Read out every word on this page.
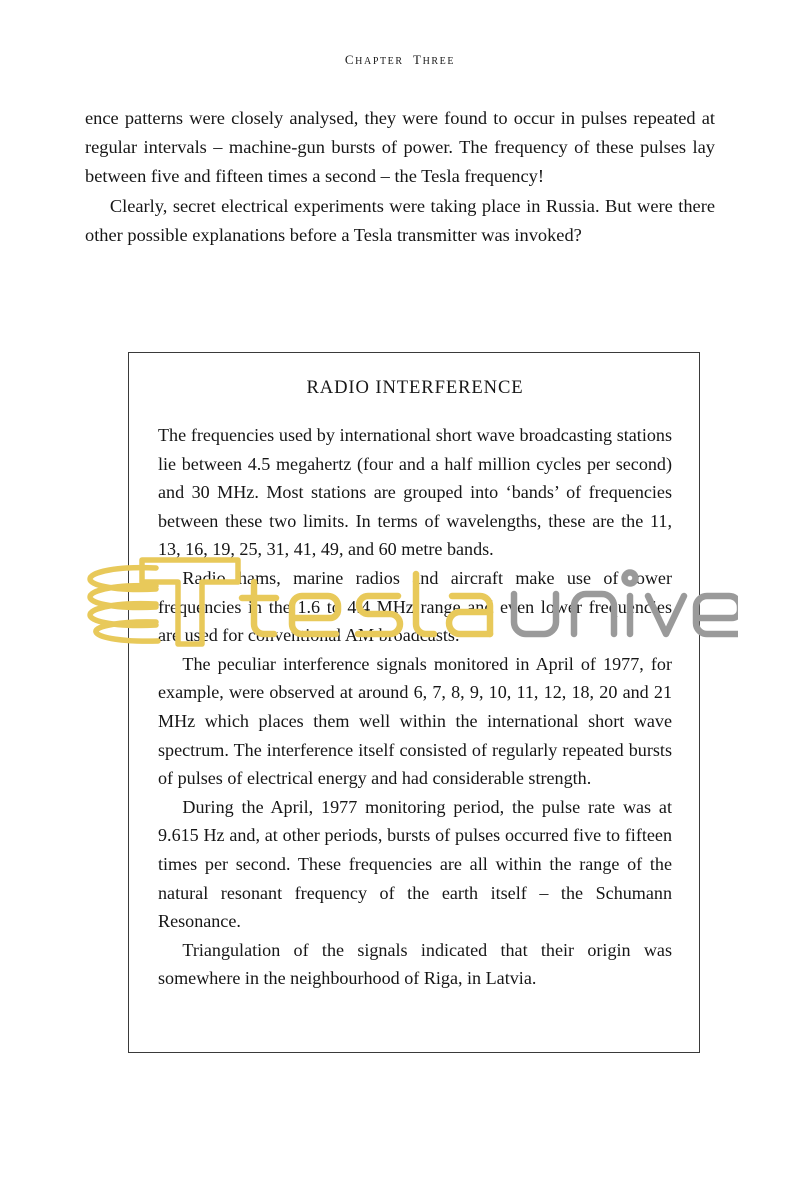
chapter  three

ence patterns were closely analysed, they were found to occur in pulses repeated at regular intervals – machine-gun bursts of power. The frequency of these pulses lay between five and fifteen times a second – the Tesla frequency!

Clearly, secret electrical experiments were taking place in Russia. But were there other possible explanations before a Tesla transmitter was invoked?

RADIO INTERFERENCE

The frequencies used by international short wave broadcasting stations lie between 4.5 megahertz (four and a half million cycles per second) and 30 MHz. Most stations are grouped into ‘bands’ of frequencies between these two limits. In terms of wavelengths, these are the 11, 13, 16, 19, 25, 31, 41, 49, and 60 metre bands.

Radio hams, marine radios and aircraft make use of lower frequencies in the 1.6 to 4.4 MHz range and even lower frequencies are used for conventional AM broadcasts.

The peculiar interference signals monitored in April of 1977, for example, were observed at around 6, 7, 8, 9, 10, 11, 12, 18, 20 and 21 MHz which places them well within the international short wave spectrum. The interference itself consisted of regularly repeated bursts of pulses of electrical energy and had considerable strength.

During the April, 1977 monitoring period, the pulse rate was at 9.615 Hz and, at other periods, bursts of pulses occurred five to fifteen times per second. These frequencies are all within the range of the natural resonant frequency of the earth itself – the Schumann Resonance.

Triangulation of the signals indicated that their origin was somewhere in the neighbourhood of Riga, in Latvia.
